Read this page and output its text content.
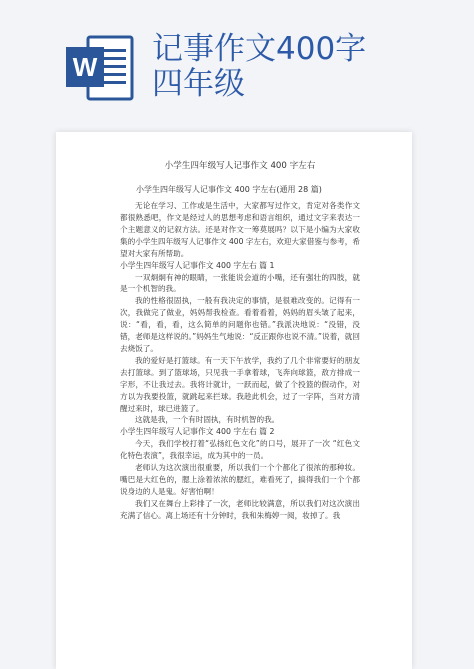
W 记事作文400字
四年级
小学生四年级写人记事作文 400 字左右
小学生四年级写人记事作文 400 字左右(通用 28 篇)

无论在学习、工作或是生活中，大家都写过作文，肯定对各类作文都很熟悉吧，作文是经过人的思想考虑和语言组织，通过文字来表达一个主题意义的记叙方法。还是对作文一筹莫展吗？以下是小编为大家收集的小学生四年级写人记事作文 400 字左右，欢迎大家借鉴与参考，希望对大家有所帮助。

小学生四年级写人记事作文 400 字左右 篇 1

一双炯炯有神的眼睛，一张能说会道的小嘴，还有强壮的四肢，就是一个机智的我。

我的性格很固执，一般有我决定的事情，是很难改变的。记得有一次，我做完了做业，妈妈帮我检查。看着看着，妈妈的眉头皱了起来，说：“看，看，看，这么简单的问题你也错。”我派决地说：“没错，没错，老师是这样说的。”妈妈生气地说：“反正跟你也说不清。”说着，就回去烧饭了。

我的爱好是打篮球。有一天下午放学，我约了几个非常要好的朋友去打篮球。到了篮球场，只见我一手拿着球，飞奔向球篮，敌方排成一字形，不让我过去。我将计就计，一跃而起，做了个投篮的假动作，对方以为我要投篮，就跳起来拦球。我趁此机会，过了一字阵，当对方清醒过来时，球已进篮了。

这就是我，一个有时固执，有时机智的我。

小学生四年级写人记事作文 400 字左右 篇 2

今天，我们学校打着“弘扬红色文化”的口号，展开了一次 “红色文化特色表演”，我很幸运，成为其中的一员。

老师认为这次演出很重要，所以我们一个个都化了很浓的那种妆。嘴巴是大红色的，腮上涂着浓浓的腮红，难看死了，搞得我们一个个都说身边的人是鬼。好害怕啊！

我们又在舞台上彩排了一次，老师比较满意，所以我们对这次演出充满了信心。离上场还有十分钟时，我和朱梅婷一阅，妆掉了。我
